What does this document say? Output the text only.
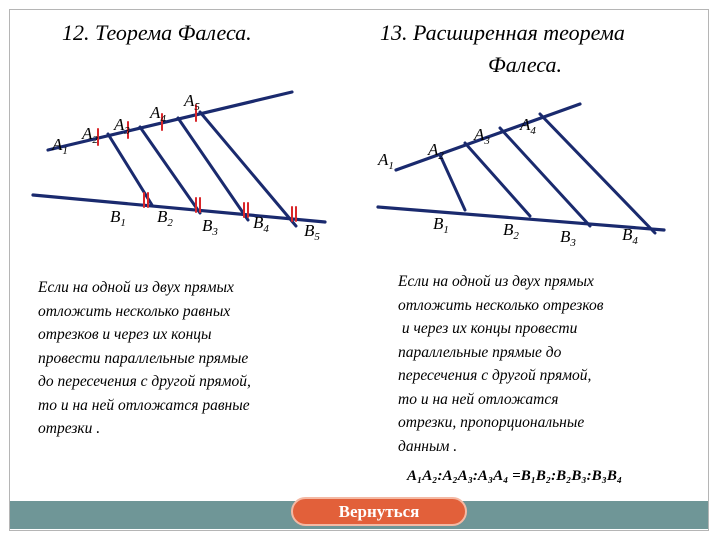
12. Теорема Фалеса.	13. Расширенная теорема
Фалеса.
$A_1$
$A_2$
$A_3$
$A_4$
$A_5$
$B_1$ $B_2$ $B_3$ $B_4$ $B_5$
$A_1$
$A_2$
$A_3$
$A_4$
$B_1$	$B_2$ $B_3$	$B_4$
Если на одной из двух прямых
отложить несколько равных
отрезков и через их концы
провести параллельные прямые
до пересечения с другой прямой,
то и на ней отложатся равные
отрезки .
Если на одной из двух прямых
отложить несколько отрезков
и через их концы провести
параллельные прямые до
пересечения с другой прямой,
то и на ней отложатся
отрезки, пропорциональные
данным .
A₁A₂:A₂A₃:A₃A₄ =B₁B₂:B₂B₃:B₃B₄
Вернуться
